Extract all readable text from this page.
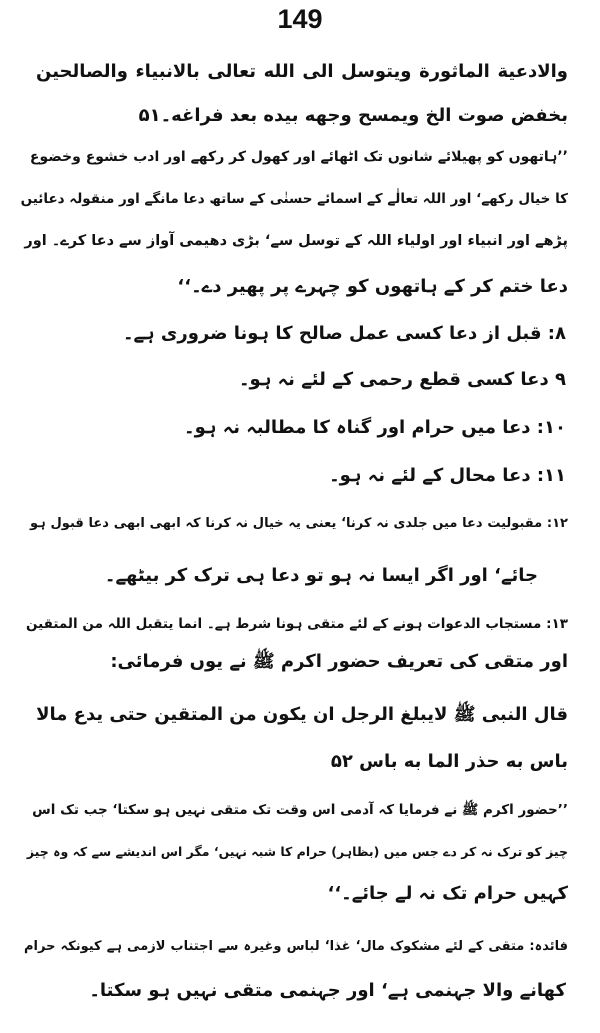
149
والادعية الماثورة ويتوسل الى الله تعالى بالانبياء والصالحين
بخفض صوت الخ ويمسح وجهه بيده بعد فراغه۔۵۱
’’ہاتھوں کو پھیلائے شانوں تک اٹھائے اور کھول کر رکھے اور ادب خشوع وخضوع
کا خیال رکھے‘ اور اللہ تعالٰے کے اسمائے حسنٰی کے ساتھ دعا مانگے اور منقولہ دعائیں
پڑھے اور انبیاء اور اولیاء اللہ کے توسل سے‘ بڑی دھیمی آواز سے دعا کرے۔ اور
دعا ختم کر کے ہاتھوں کو چہرے پر پھیر دے۔‘‘
۸: قبل از دعا کسی عمل صالح کا ہونا ضروری ہے۔
۹ دعا کسی قطع رحمی کے لئے نہ ہو۔
۱۰: دعا میں حرام اور گناہ کا مطالبہ نہ ہو۔
۱۱: دعا محال کے لئے نہ ہو۔
۱۲: مقبولیت دعا میں جلدی نہ کرنا‘ یعنی یہ خیال نہ کرنا کہ ابھی ابھی دعا قبول ہو
جائے‘ اور اگر ایسا نہ ہو تو دعا ہی ترک کر بیٹھے۔
۱۳: مستجاب الدعوات ہونے کے لئے متقی ہونا شرط ہے۔ انما یتقبل اللہ من المتقین
اور متقی کی تعریف حضور اکرم ﷺ نے یوں فرمائی:
قال النبی ﷺ لایبلغ الرجل ان یکون من المتقین حتی یدع مالا
باس به حذر الما به باس ۵۲
’’حضور اکرم ﷺ نے فرمایا کہ آدمی اس وقت تک متقی نہیں ہو سکتا‘ جب تک اس
چیز کو ترک نہ کر دے جس میں (بظاہر) حرام کا شبہ نہیں‘ مگر اس اندیشے سے کہ وہ چیز
کہیں حرام تک نہ لے جائے۔‘‘
فائدہ: متقی کے لئے مشکوک مال‘ غذا‘ لباس وغیرہ سے اجتناب لازمی ہے کیونکہ حرام
کھانے والا جہنمی ہے‘ اور جہنمی متقی نہیں ہو سکتا۔
